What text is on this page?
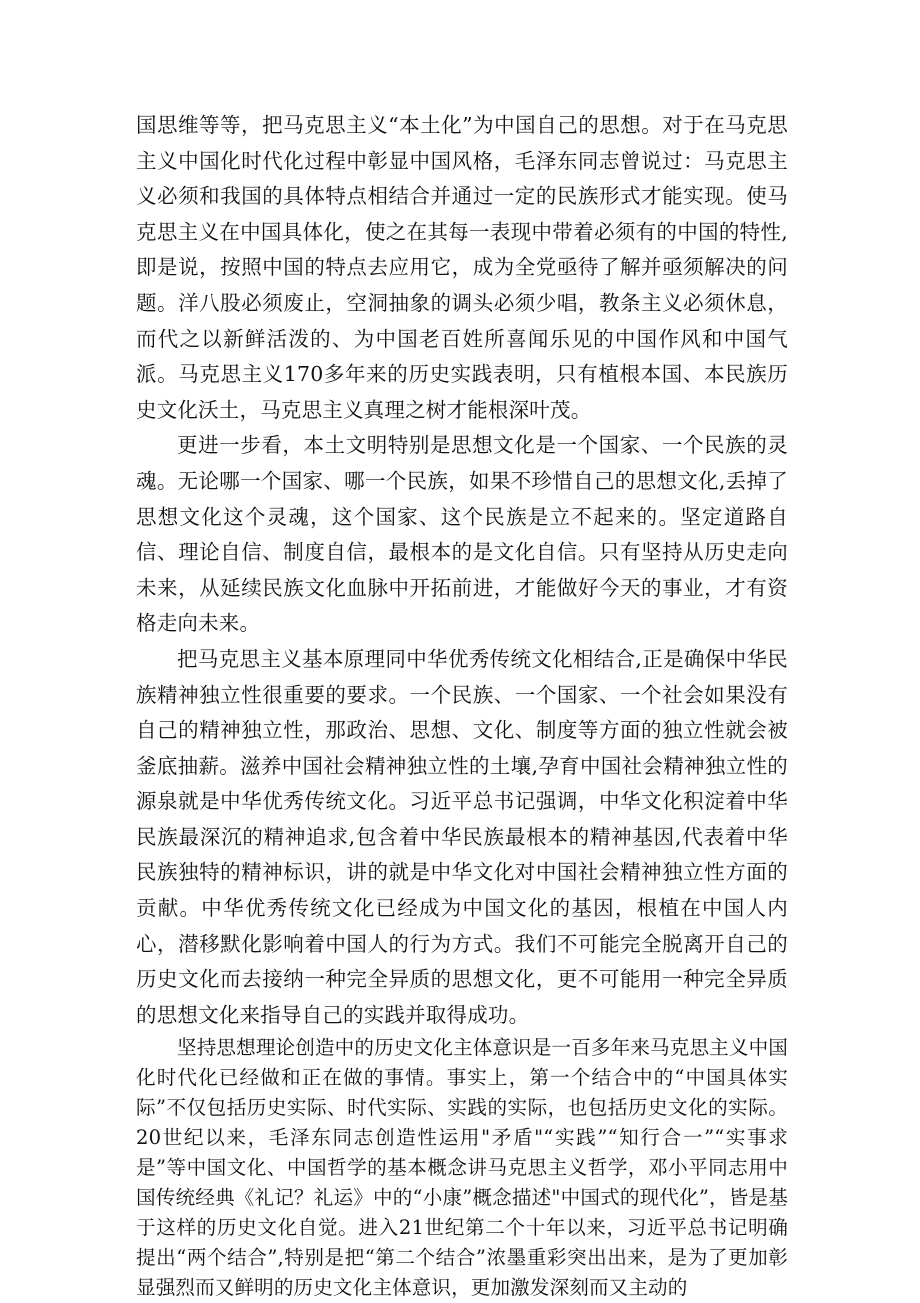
国思维等等，把马克思主义“本土化”为中国自己的思想。对于在马克思主义中国化时代化过程中彰显中国风格，毛泽东同志曾说过：马克思主义必须和我国的具体特点相结合并通过一定的民族形式才能实现。使马克思主义在中国具体化，使之在其每一表现中带着必须有的中国的特性,即是说，按照中国的特点去应用它，成为全党亟待了解并亟须解决的问题。洋八股必须废止，空洞抽象的调头必须少唱，教条主义必须休息，而代之以新鲜活泼的、为中国老百姓所喜闻乐见的中国作风和中国气派。马克思主义170多年来的历史实践表明，只有植根本国、本民族历史文化沃土，马克思主义真理之树才能根深叶茂。

更进一步看，本土文明特别是思想文化是一个国家、一个民族的灵魂。无论哪一个国家、哪一个民族，如果不珍惜自己的思想文化,丢掉了思想文化这个灵魂，这个国家、这个民族是立不起来的。坚定道路自信、理论自信、制度自信，最根本的是文化自信。只有坚持从历史走向未来，从延续民族文化血脉中开拓前进，才能做好今天的事业，才有资格走向未来。

把马克思主义基本原理同中华优秀传统文化相结合,正是确保中华民族精神独立性很重要的要求。一个民族、一个国家、一个社会如果没有自己的精神独立性，那政治、思想、文化、制度等方面的独立性就会被釜底抽薪。滋养中国社会精神独立性的土壤,孕育中国社会精神独立性的源泉就是中华优秀传统文化。习近平总书记强调，中华文化积淀着中华民族最深沉的精神追求,包含着中华民族最根本的精神基因,代表着中华民族独特的精神标识，讲的就是中华文化对中国社会精神独立性方面的贡献。中华优秀传统文化已经成为中国文化的基因，根植在中国人内心，潜移默化影响着中国人的行为方式。我们不可能完全脱离开自己的历史文化而去接纳一种完全异质的思想文化，更不可能用一种完全异质的思想文化来指导自己的实践并取得成功。

坚持思想理论创造中的历史文化主体意识是一百多年来马克思主义中国化时代化已经做和正在做的事情。事实上，第一个结合中的“中国具体实际”不仅包括历史实际、时代实际、实践的实际，也包括历史文化的实际。20世纪以来，毛泽东同志创造性运用"矛盾"“实践”“知行合一”“实事求是”等中国文化、中国哲学的基本概念讲马克思主义哲学，邓小平同志用中国传统经典《礼记？礼运》中的“小康”概念描述"中国式的现代化”，皆是基于这样的历史文化自觉。进入21世纪第二个十年以来，习近平总书记明确提出“两个结合”,特别是把“第二个结合”浓墨重彩突出出来，是为了更加彰显强烈而又鲜明的历史文化主体意识，更加激发深刻而又主动的
